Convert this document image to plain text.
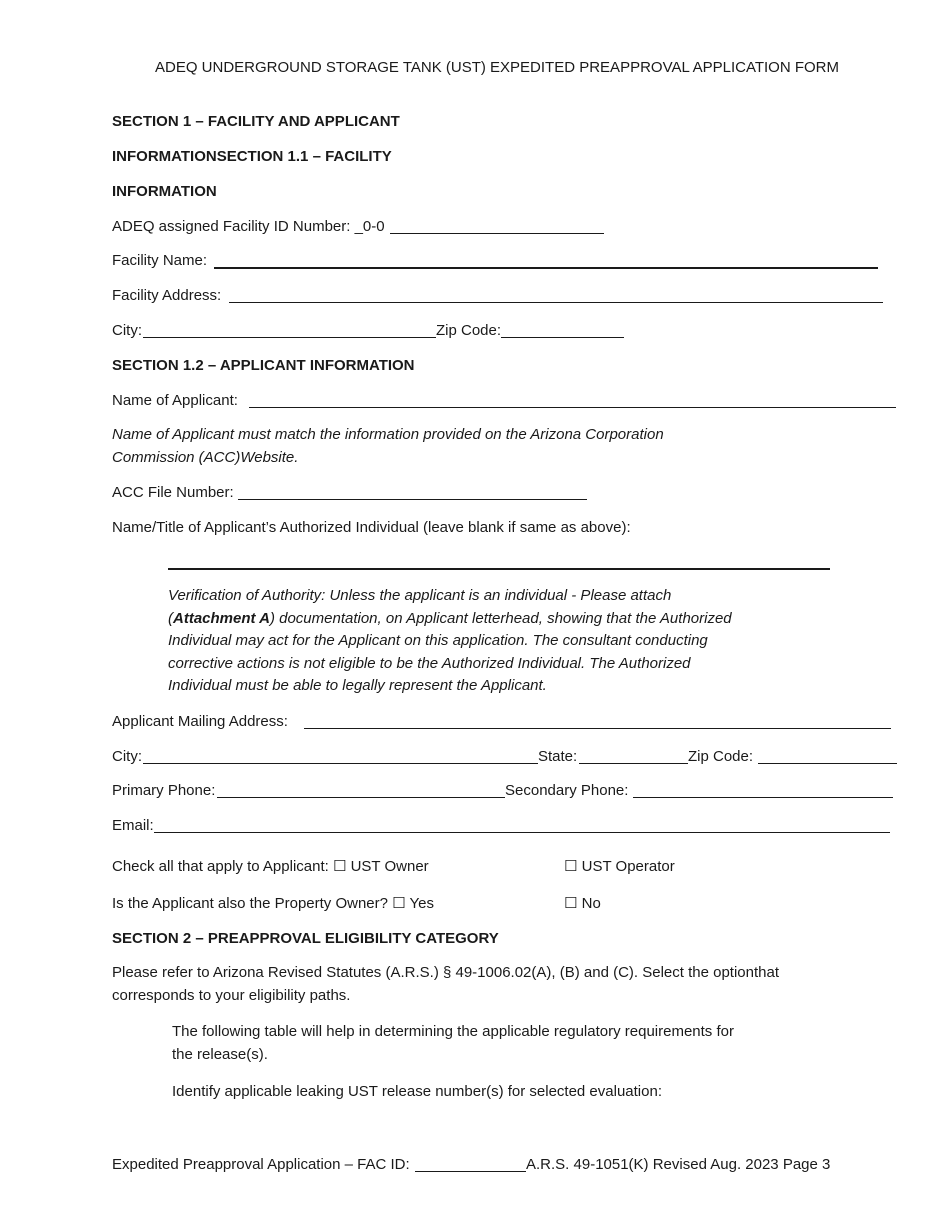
ADEQ UNDERGROUND STORAGE TANK (UST) EXPEDITED PREAPPROVAL APPLICATION FORM
SECTION 1 – FACILITY AND APPLICANT
INFORMATIONSECTION 1.1 – FACILITY
INFORMATION
ADEQ assigned Facility ID Number: _0-0
Facility Name:
Facility Address:
City:	Zip Code:
SECTION 1.2 – APPLICANT INFORMATION
Name of Applicant:
Name of Applicant must match the information provided on the Arizona Corporation
Commission (ACC)Website.
ACC File Number:
Name/Title of Applicant’s Authorized Individual (leave blank if same as above):
Verification of Authority: Unless the applicant is an individual - Please attach
(Attachment A) documentation, on Applicant letterhead, showing that the Authorized
Individual may act for the Applicant on this application. The consultant conducting
corrective actions is not eligible to be the Authorized Individual. The Authorized
Individual must be able to legally represent the Applicant.
Applicant Mailing Address:
City:	State:	Zip Code:
Primary Phone:	Secondary Phone:
Email:
Check all that apply to Applicant: ☐ UST Owner	☐ UST Operator
Is the Applicant also the Property Owner? ☐ Yes	☐ No
SECTION 2 – PREAPPROVAL ELIGIBILITY CATEGORY
Please refer to Arizona Revised Statutes (A.R.S.) § 49-1006.02(A), (B) and (C). Select the optionthat
corresponds to your eligibility paths.
The following table will help in determining the applicable regulatory requirements for
the release(s).
Identify applicable leaking UST release number(s) for selected evaluation:
Expedited Preapproval Application – FAC ID:	A.R.S. 49-1051(K) Revised Aug. 2023 Page 3
